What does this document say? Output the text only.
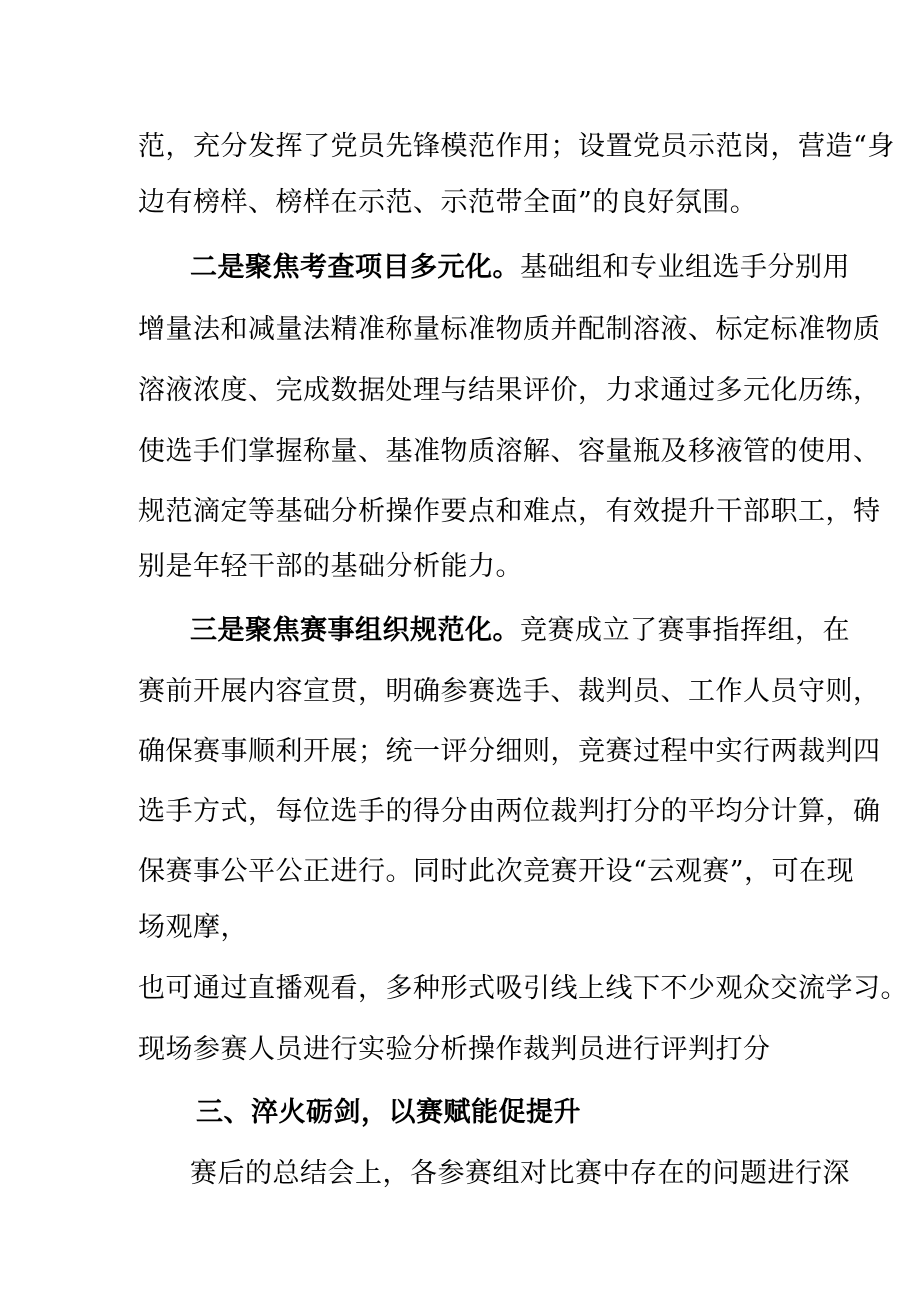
范，充分发挥了党员先锋模范作用；设置党员示范岗，营造“身
边有榜样、榜样在示范、示范带全面”的良好氛围。
二是聚焦考查项目多元化。基础组和专业组选手分别用
增量法和减量法精准称量标准物质并配制溶液、标定标准物质
溶液浓度、完成数据处理与结果评价，力求通过多元化历练，
使选手们掌握称量、基准物质溶解、容量瓶及移液管的使用、
规范滴定等基础分析操作要点和难点，有效提升干部职工，特
别是年轻干部的基础分析能力。
三是聚焦赛事组织规范化。竞赛成立了赛事指挥组，在
赛前开展内容宣贯，明确参赛选手、裁判员、工作人员守则，
确保赛事顺利开展；统一评分细则，竞赛过程中实行两裁判四
选手方式，每位选手的得分由两位裁判打分的平均分计算，确
保赛事公平公正进行。同时此次竞赛开设“云观赛”，可在现
场观摩，
也可通过直播观看，多种形式吸引线上线下不少观众交流学习。
现场参赛人员进行实验分析操作裁判员进行评判打分
三、淬火砺剑，以赛赋能促提升
赛后的总结会上，各参赛组对比赛中存在的问题进行深
